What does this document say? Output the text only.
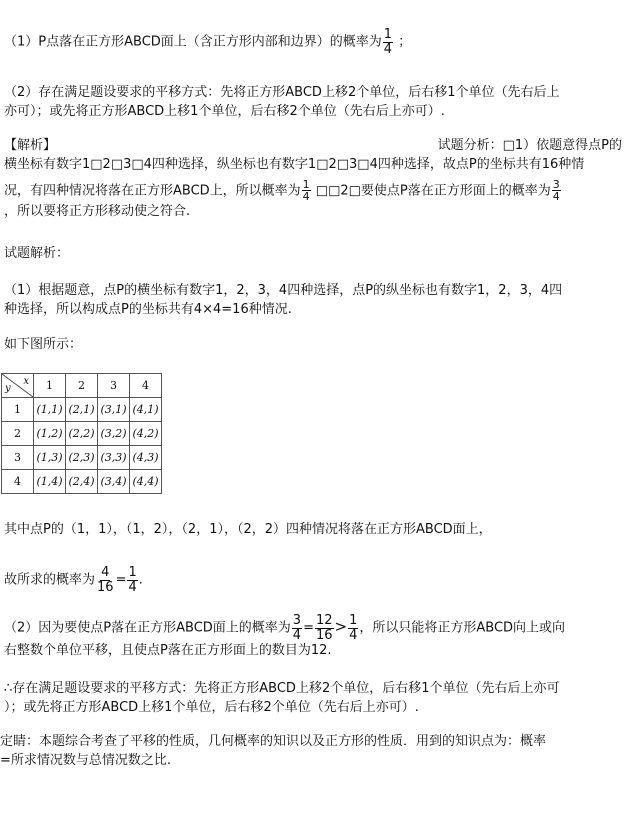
（1）P点落在正方形ABCD面上（含正方形内部和边界）的概率为 $\frac{1}{4}$ ；
（2）存在满足题设要求的平移方式：先将正方形ABCD上移2个单位，后右移1个单位（先右后上
亦可）；或先将正方形ABCD上移1个单位，后右移2个单位（先右后上亦可）.
【解析】	试题分析：□1）依题意得点P的
横坐标有数字1□2□3□4四种选择，纵坐标也有数字1□2□3□4四种选择，故点P的坐标共有16种情
况，有四种情况将落在正方形ABCD上，所以概率为 $\frac{1}{4}$ □□2□要使点P落在正方形面上的概率为 $\frac{3}{4}$
，所以要将正方形移动使之符合.
试题解析：
（1）根据题意，点P的横坐标有数字1，2，3，4四种选择，点P的纵坐标也有数字1，2，3，4四
种选择，所以构成点P的坐标共有4×4=16种情况.
如下图所示：
x
y	1	2	3	4
1	(1,1)	(2,1)	(3,1)	(4,1)
2	(1,2)	(2,2)	(3,2)	(4,2)
3	(1,3)	(2,3)	(3,3)	(4,3)
4	(1,4)	(2,4)	(3,4)	(4,4)
其中点P的（1，1），（1，2），（2，1），（2，2）四种情况将落在正方形ABCD面上，
故所求的概率为 $\frac{4}{16} = \frac{1}{4}$ .
（2）因为要使点P落在正方形ABCD面上的概率为 $\frac{3}{4} = \frac{12}{16} > \frac{1}{4}$ ，所以只能将正方形ABCD向上或向
右整数个单位平移，且使点P落在正方形面上的数目为12.
∴存在满足题设要求的平移方式：先将正方形ABCD上移2个单位，后右移1个单位（先右后上亦可
）；或先将正方形ABCD上移1个单位，后右移2个单位（先右后上亦可）.
定睛：本题综合考查了平移的性质，几何概率的知识以及正方形的性质．用到的知识点为：概率
=所求情况数与总情况数之比.
